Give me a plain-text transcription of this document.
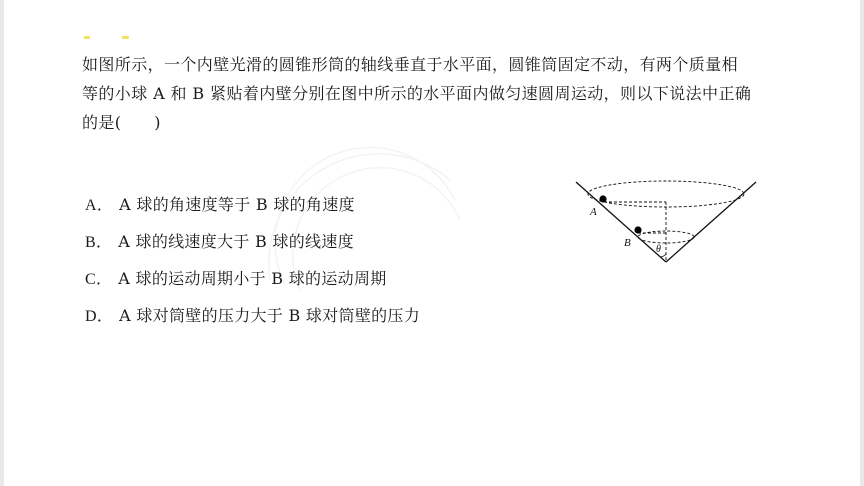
如图所示，一个内壁光滑的圆锥形筒的轴线垂直于水平面，圆锥筒固定不动，有两个质量相
等的小球 A 和 B 紧贴着内壁分别在图中所示的水平面内做匀速圆周运动，则以下说法中正确
的是(　　)
A． A 球的角速度等于 B 球的角速度
B． A 球的线速度大于 B 球的线速度
C． A 球的运动周期小于 B 球的运动周期
D． A 球对筒壁的压力大于 B 球对筒壁的压力
A
B
θ
